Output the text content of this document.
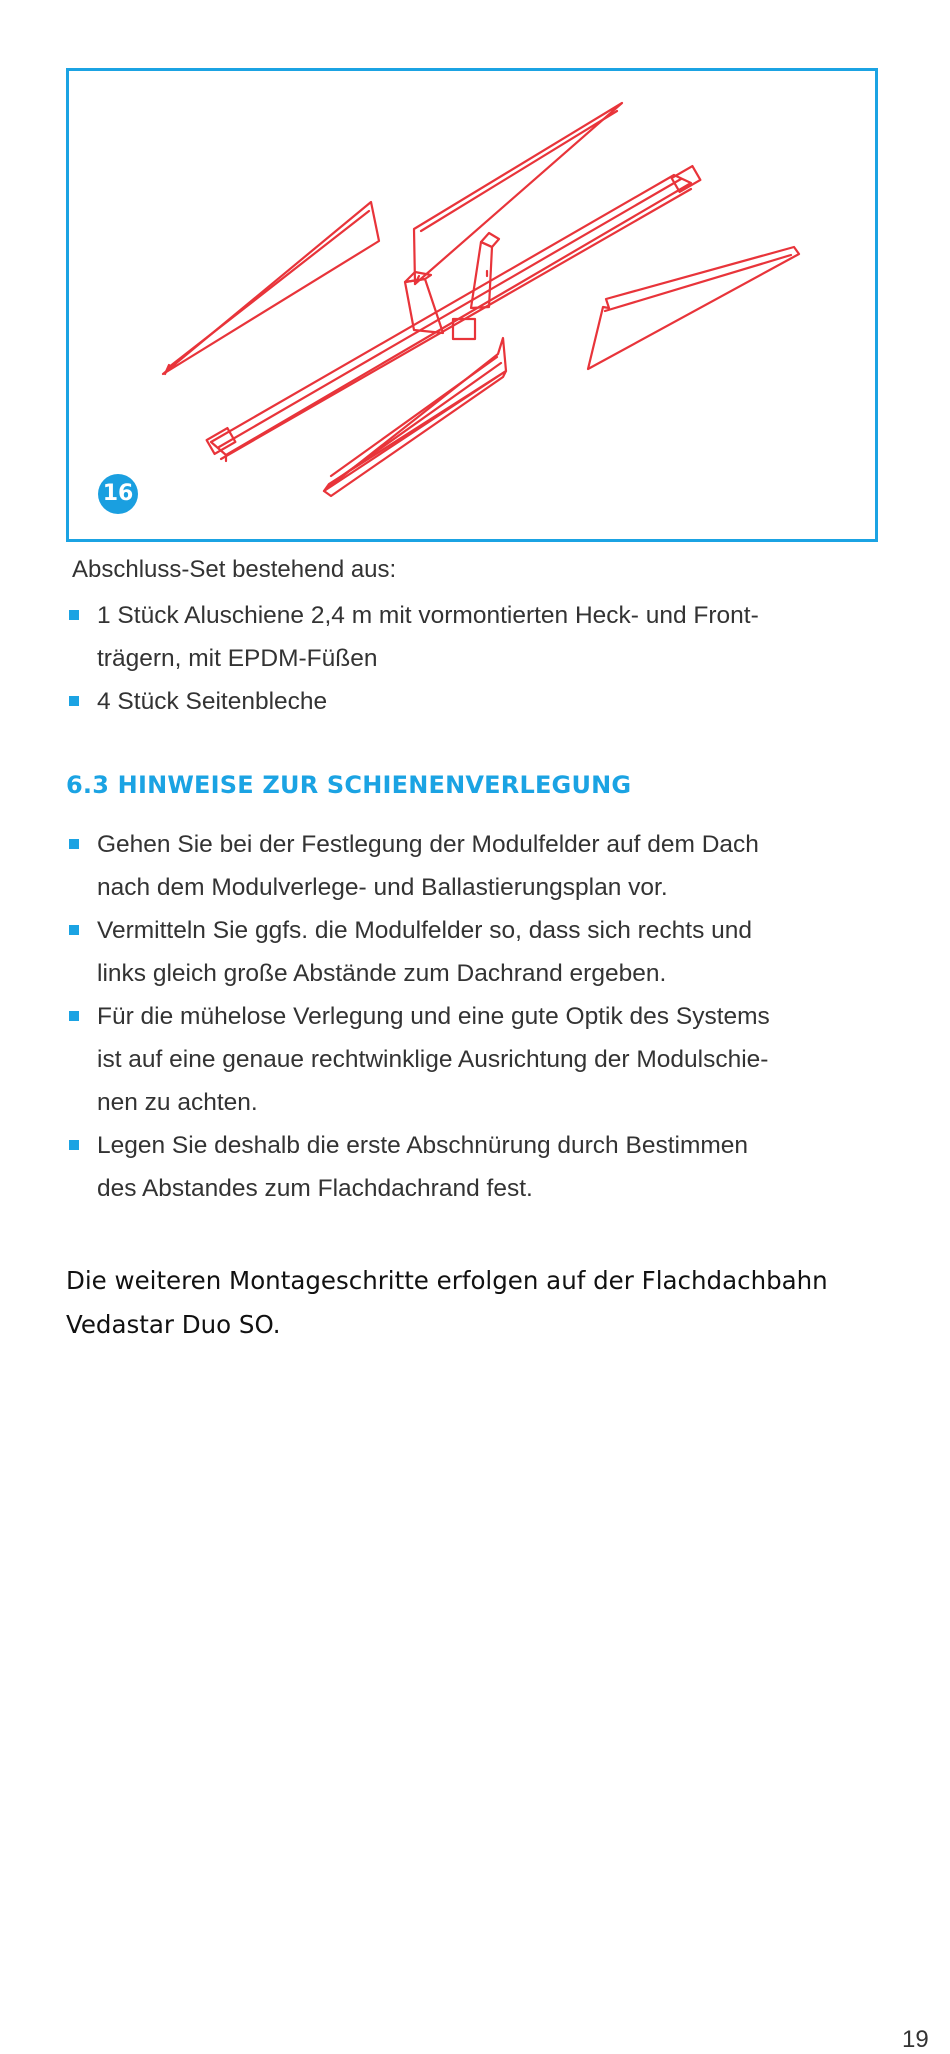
16
Abschluss-Set bestehend aus:
1 Stück Aluschiene 2,4 m mit vormontierten Heck- und Front-
trägern, mit EPDM-Füßen
4 Stück Seitenbleche
6.3 HINWEISE ZUR SCHIENENVERLEGUNG
Gehen Sie bei der Festlegung der Modulfelder auf dem Dach
nach dem Modulverlege- und Ballastierungsplan vor.
Vermitteln Sie ggfs. die Modulfelder so, dass sich rechts und
links gleich große Abstände zum Dachrand ergeben.
Für die mühelose Verlegung und eine gute Optik des Systems
ist auf eine genaue rechtwinklige Ausrichtung der Modulschie-
nen zu achten.
Legen Sie deshalb die erste Abschnürung durch Bestimmen
des Abstandes zum Flachdachrand fest.
Die weiteren Montageschritte erfolgen auf der Flachdachbahn
Vedastar Duo SO.
19
